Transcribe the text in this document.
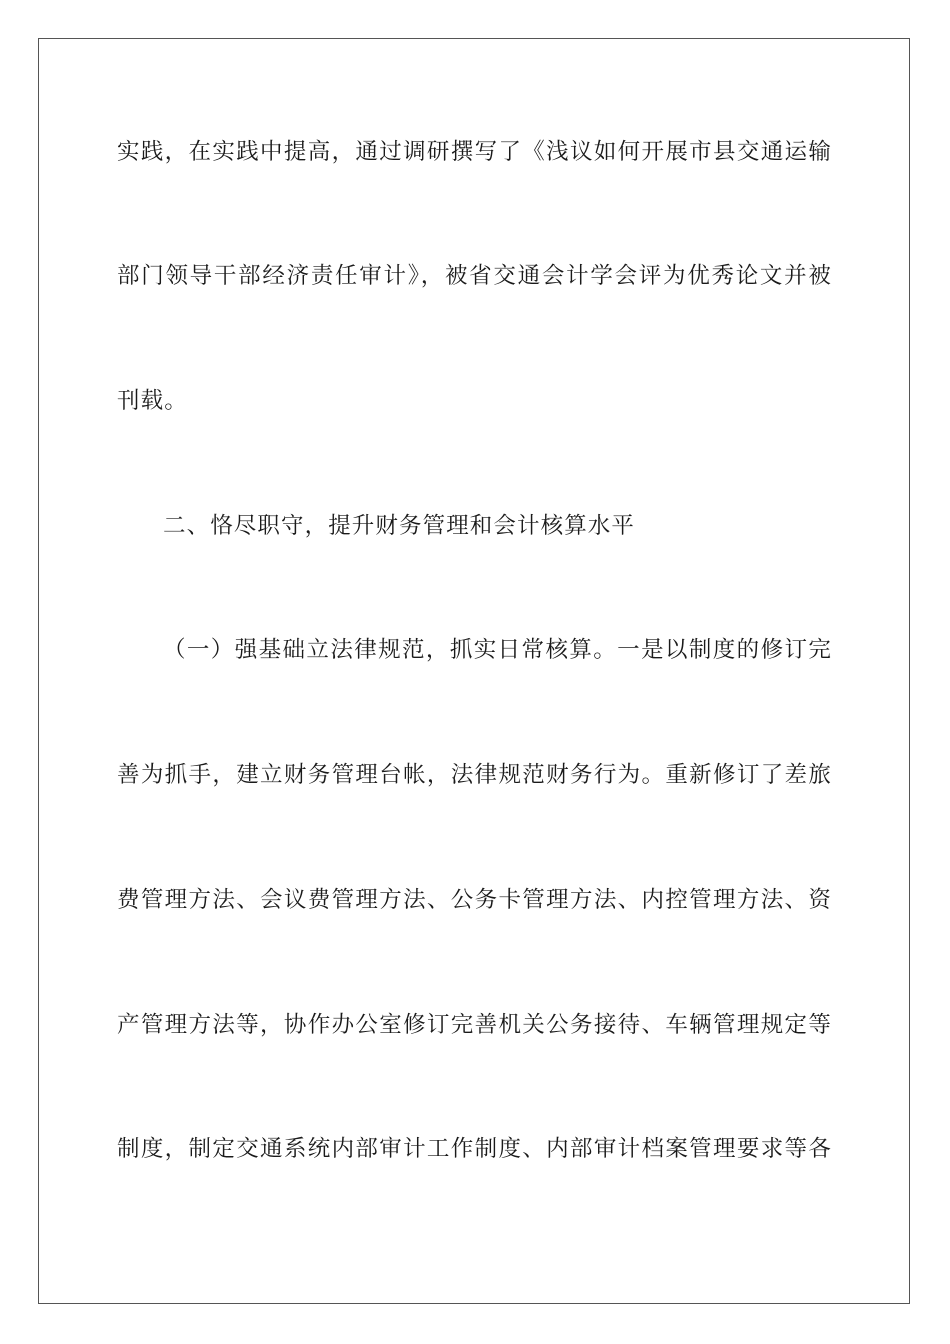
实践，在实践中提高，通过调研撰写了《浅议如何开展市县交通运输
部门领导干部经济责任审计》，被省交通会计学会评为优秀论文并被
刊载。
二、恪尽职守，提升财务管理和会计核算水平
（一）强基础立法律规范，抓实日常核算。一是以制度的修订完
善为抓手，建立财务管理台帐，法律规范财务行为。重新修订了差旅
费管理方法、会议费管理方法、公务卡管理方法、内控管理方法、资
产管理方法等，协作办公室修订完善机关公务接待、车辆管理规定等
制度，制定交通系统内部审计工作制度、内部审计档案管理要求等各
